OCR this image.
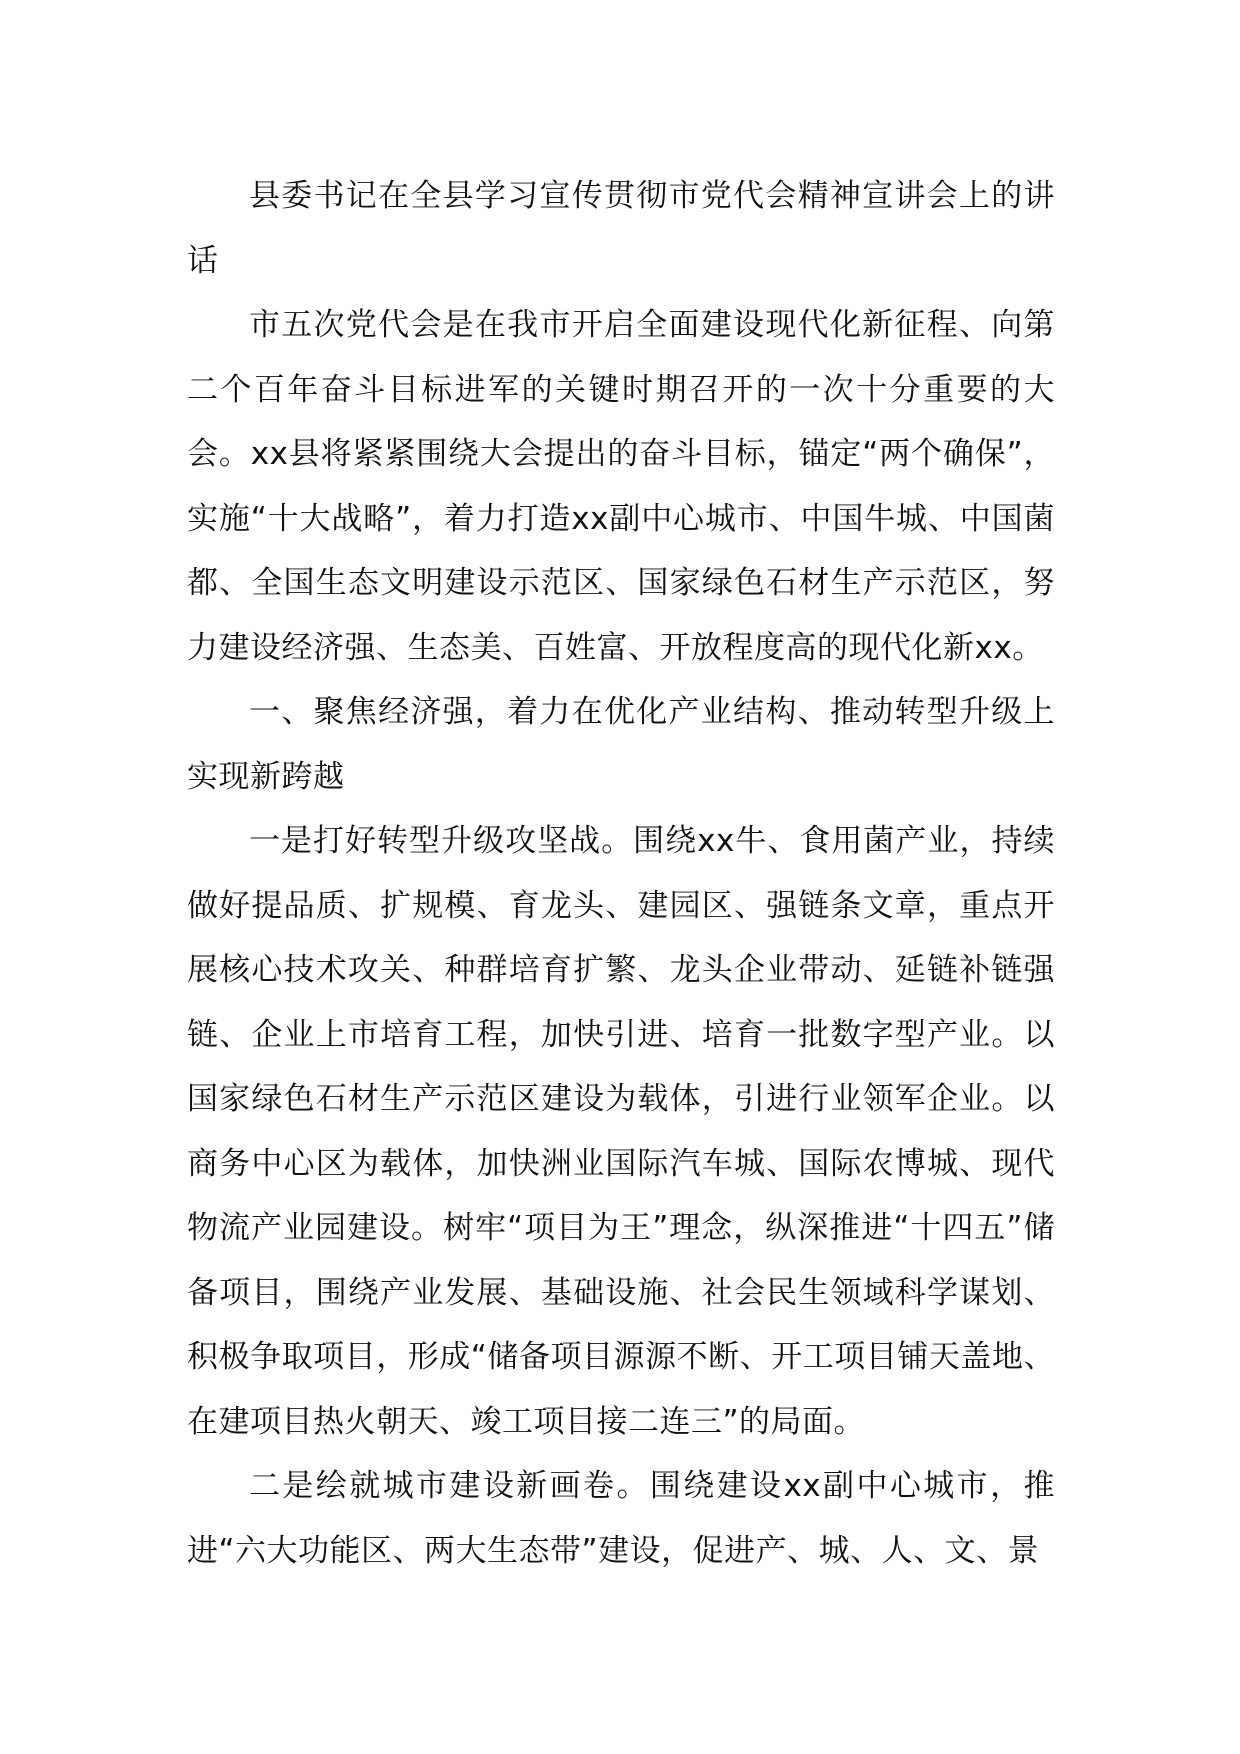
县委书记在全县学习宣传贯彻市党代会精神宣讲会上的讲话

市五次党代会是在我市开启全面建设现代化新征程、向第二个百年奋斗目标进军的关键时期召开的一次十分重要的大会。xx县将紧紧围绕大会提出的奋斗目标，锚定“两个确保”，实施“十大战略”，着力打造xx副中心城市、中国牛城、中国菌都、全国生态文明建设示范区、国家绿色石材生产示范区，努力建设经济强、生态美、百姓富、开放程度高的现代化新xx。

一、聚焦经济强，着力在优化产业结构、推动转型升级上实现新跨越

一是打好转型升级攻坚战。围绕xx牛、食用菌产业，持续做好提品质、扩规模、育龙头、建园区、强链条文章，重点开展核心技术攻关、种群培育扩繁、龙头企业带动、延链补链强链、企业上市培育工程，加快引进、培育一批数字型产业。以国家绿色石材生产示范区建设为载体，引进行业领军企业。以商务中心区为载体，加快洲业国际汽车城、国际农博城、现代物流产业园建设。树牢“项目为王”理念，纵深推进“十四五”储备项目，围绕产业发展、基础设施、社会民生领域科学谋划、积极争取项目，形成“储备项目源源不断、开工项目铺天盖地、在建项目热火朝天、竣工项目接二连三”的局面。

二是绘就城市建设新画卷。围绕建设xx副中心城市，推进“六大功能区、两大生态带”建设，促进产、城、人、文、景
